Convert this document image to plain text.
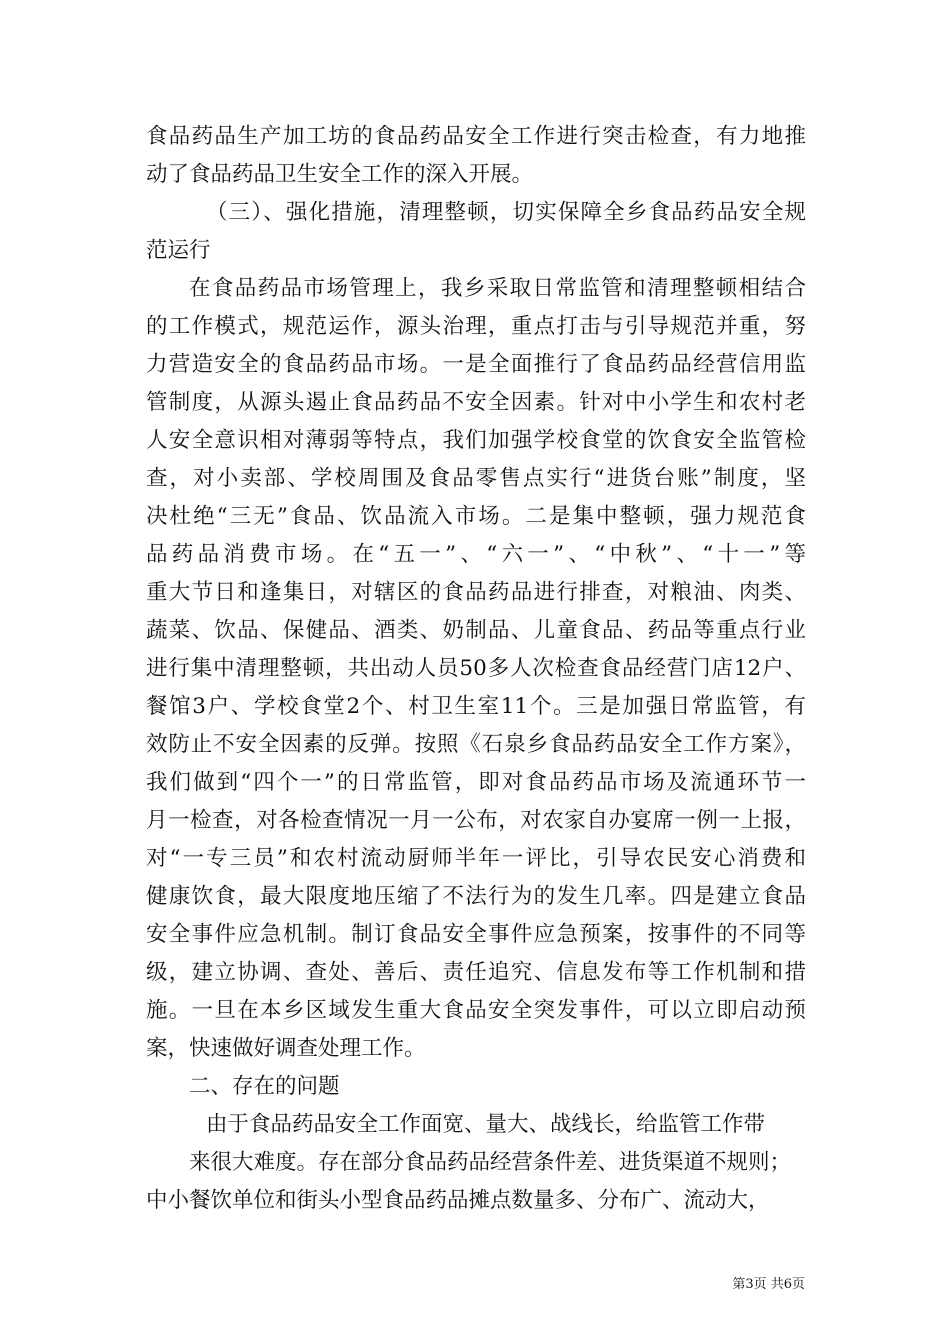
食品药品生产加工坊的食品药品安全工作进行突击检查，有力地推
动了食品药品卫生安全工作的深入开展。
（三）、强化措施，清理整顿，切实保障全乡食品药品安全规
范运行
在食品药品市场管理上，我乡采取日常监管和清理整顿相结合
的工作模式，规范运作，源头治理，重点打击与引导规范并重，努
力营造安全的食品药品市场。一是全面推行了食品药品经营信用监
管制度，从源头遏止食品药品不安全因素。针对中小学生和农村老
人安全意识相对薄弱等特点，我们加强学校食堂的饮食安全监管检
查，对小卖部、学校周围及食品零售点实行“进货台账”制度，坚
决杜绝“三无”食品、饮品流入市场。二是集中整顿，强力规范食
品药品消费市场。在“五一”、“六一”、“中秋”、“十一”等
重大节日和逢集日，对辖区的食品药品进行排查，对粮油、肉类、
蔬菜、饮品、保健品、酒类、奶制品、儿童食品、药品等重点行业
进行集中清理整顿，共出动人员50多人次检查食品经营门店12户、
餐馆3户、学校食堂2个、村卫生室11个。三是加强日常监管，有
效防止不安全因素的反弹。按照《石泉乡食品药品安全工作方案》，
我们做到“四个一”的日常监管，即对食品药品市场及流通环节一
月一检查，对各检查情况一月一公布，对农家自办宴席一例一上报，
对“一专三员”和农村流动厨师半年一评比，引导农民安心消费和
健康饮食，最大限度地压缩了不法行为的发生几率。四是建立食品
安全事件应急机制。制订食品安全事件应急预案，按事件的不同等
级，建立协调、查处、善后、责任追究、信息发布等工作机制和措
施。一旦在本乡区域发生重大食品安全突发事件，可以立即启动预
案，快速做好调查处理工作。
二、存在的问题
由于食品药品安全工作面宽、量大、战线长，给监管工作带
来很大难度。存在部分食品药品经营条件差、进货渠道不规则；
中小餐饮单位和街头小型食品药品摊点数量多、分布广、流动大，
第3页 共6页
